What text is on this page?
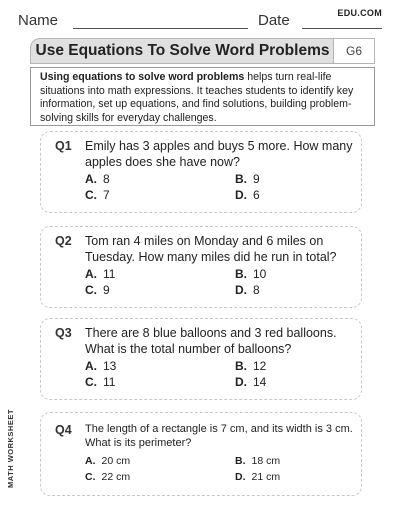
Name	Date	EDU.COM
Use Equations To Solve Word Problems	G6
Using equations to solve word problems helps turn real-life situations into math expressions. It teaches students to identify key information, set up equations, and find solutions, building problem-solving skills for everyday challenges.
Q1 Emily has 3 apples and buys 5 more. How many apples does she have now?
A. 8	B. 9
C. 7	D. 6
Q2 Tom ran 4 miles on Monday and 6 miles on Tuesday. How many miles did he run in total?
A. 11	B. 10
C. 9	D. 8
Q3 There are 8 blue balloons and 3 red balloons. What is the total number of balloons?
A. 13	B. 12
C. 11	D. 14
Q4 The length of a rectangle is 7 cm, and its width is 3 cm. What is its perimeter?
A. 20 cm	B. 18 cm
C. 22 cm	D. 21 cm
MATH WORKSHEET
